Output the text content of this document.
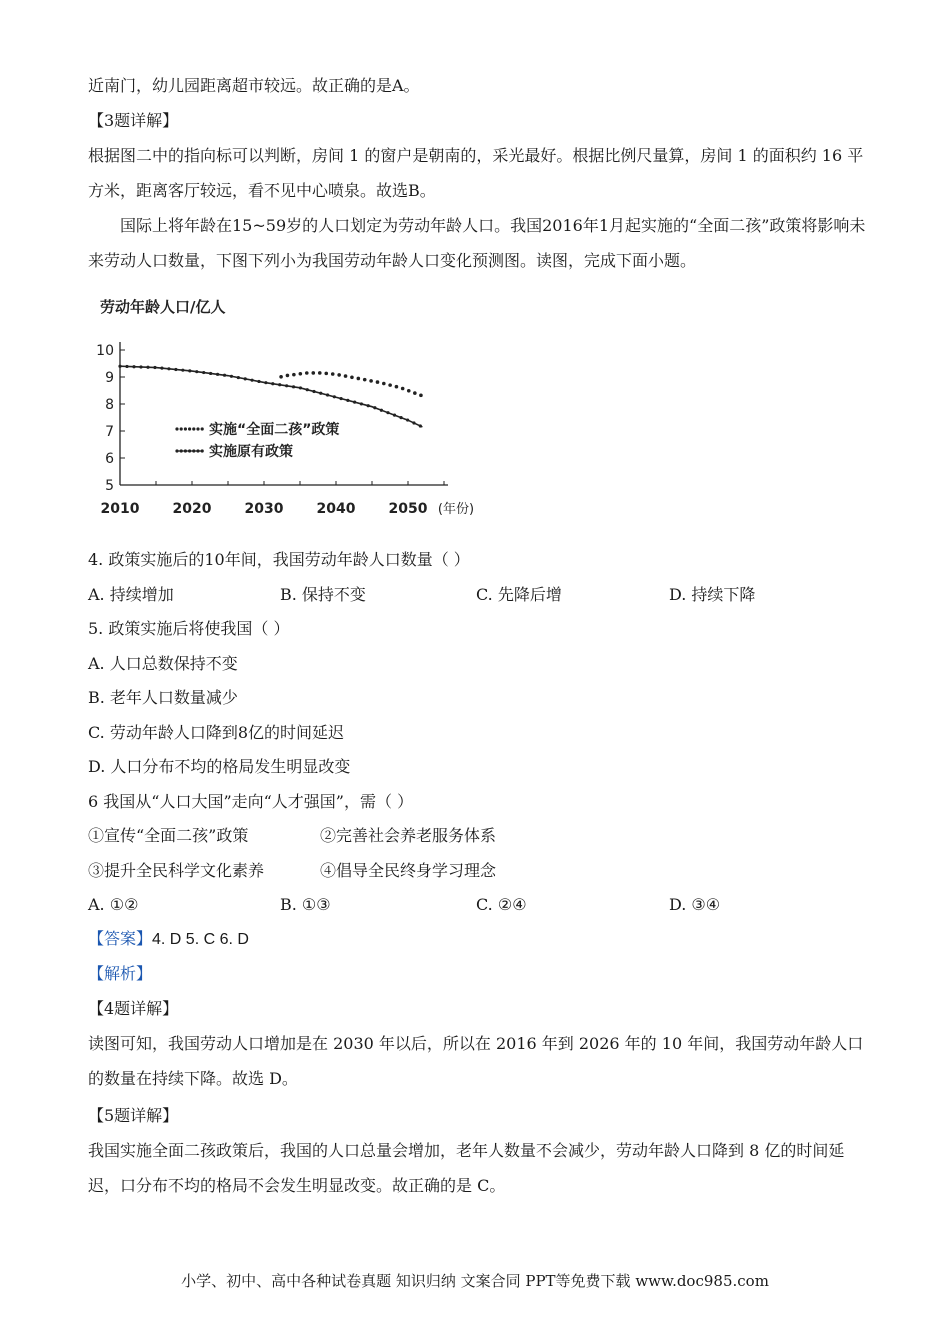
近南门，幼儿园距离超市较远。故正确的是A。
【3题详解】
根据图二中的指向标可以判断，房间 1 的窗户是朝南的，采光最好。根据比例尺量算，房间 1 的面积约 16 平方米，距离客厅较远，看不见中心喷泉。故选B。
国际上将年龄在15~59岁的人口划定为劳动年龄人口。我国2016年1月起实施的“全面二孩”政策将影响未来劳动人口数量，下图下列小为我国劳动年龄人口变化预测图。读图，完成下面小题。
劳动年龄人口/亿人
5
6
7
8
9
10
2010 2020 2030 2040 2050 (年份)
实施“全面二孩”政策
实施原有政策
4. 政策实施后的10年间，我国劳动年龄人口数量（ ）
A. 持续增加	B. 保持不变	C. 先降后增	D. 持续下降
5. 政策实施后将使我国（ ）
A. 人口总数保持不变
B. 老年人口数量减少
C. 劳动年龄人口降到8亿的时间延迟
D. 人口分布不均的格局发生明显改变
6 我国从“人口大国”走向“人才强国”，需（ ）
①宣传“全面二孩”政策	②完善社会养老服务体系
③提升全民科学文化素养	④倡导全民终身学习理念
A. ①②	B. ①③	C. ②④	D. ③④
【答案】4. D 5. C 6. D
【解析】
【4题详解】
读图可知，我国劳动人口增加是在 2030 年以后，所以在 2016 年到 2026 年的 10 年间，我国劳动年龄人口的数量在持续下降。故选 D。
【5题详解】
我国实施全面二孩政策后，我国的人口总量会增加，老年人数量不会减少，劳动年龄人口降到 8 亿的时间延迟，口分布不均的格局不会发生明显改变。故正确的是 C。
小学、初中、高中各种试卷真题 知识归纳 文案合同 PPT等免费下载 www.doc985.com
